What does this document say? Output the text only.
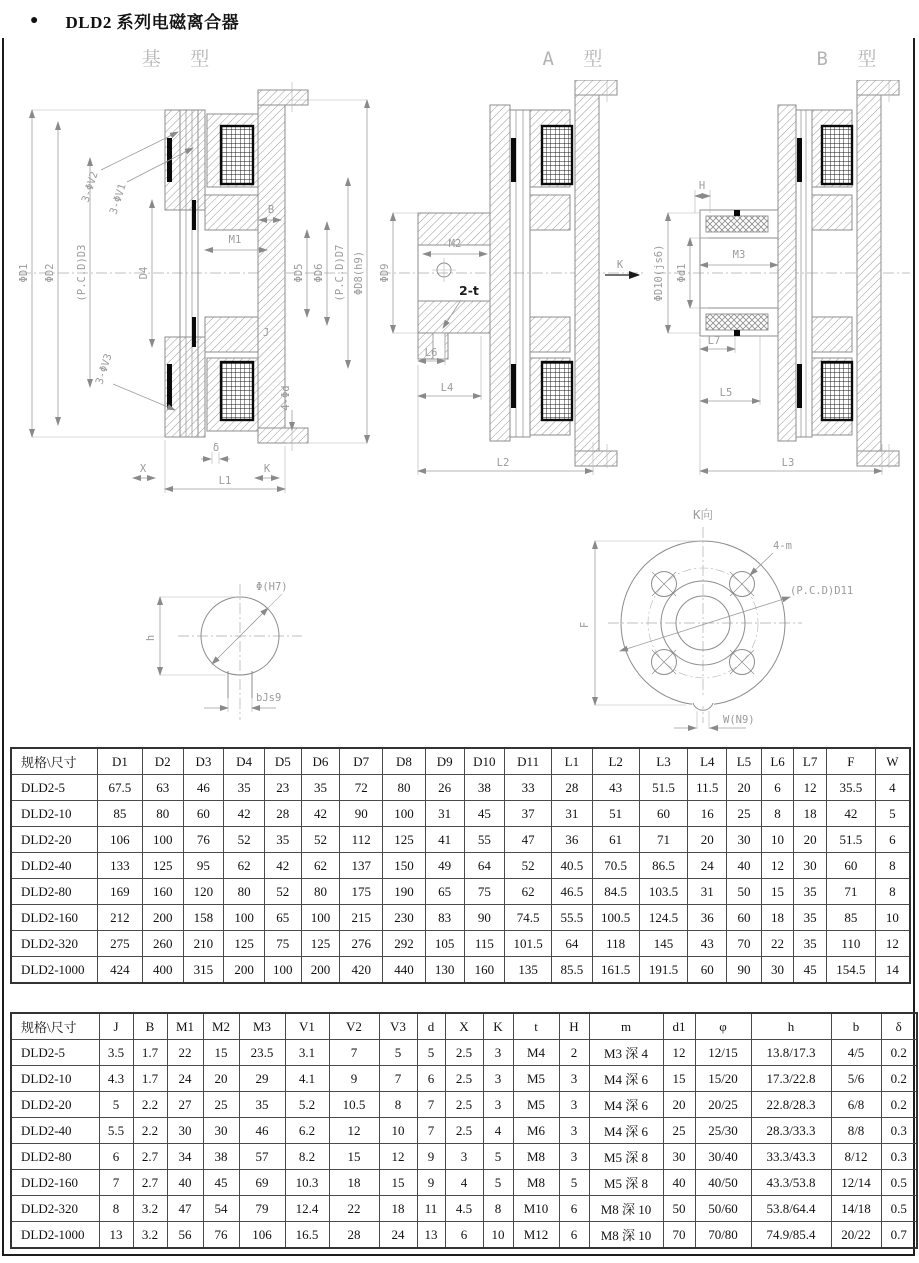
● DLD2 系列电磁离合器
基 型	A 型	B 型
ΦD1 ΦD2 (P.C.D)D3	D4	ΦD5 ΦD6 (P.C.D)D7 ΦD8(h9)
3-ΦV2 3-ΦV1
3-ΦV3
B
M1
J
4-Φd
δ
X	K
L1
ΦD9
M2
2-t
L6
L4
L2
K
H
ΦD10(js6) Φd1
M3
L7
L5
L3
h
Φ(H7)
bJs9
K向
F
4-m
(P.C.D)D11
W(N9)
规格\尺寸	D1	D2	D3	D4	D5	D6	D7	D8	D9	D10	D11	L1	L2	L3	L4	L5	L6	L7	F	W
DLD2-5	67.5	63	46	35	23	35	72	80	26	38	33	28	43	51.5	11.5	20	6	12	35.5	4
DLD2-10	85	80	60	42	28	42	90	100	31	45	37	31	51	60	16	25	8	18	42	5
DLD2-20	106	100	76	52	35	52	112	125	41	55	47	36	61	71	20	30	10	20	51.5	6
DLD2-40	133	125	95	62	42	62	137	150	49	64	52	40.5	70.5	86.5	24	40	12	30	60	8
DLD2-80	169	160	120	80	52	80	175	190	65	75	62	46.5	84.5	103.5	31	50	15	35	71	8
DLD2-160	212	200	158	100	65	100	215	230	83	90	74.5	55.5	100.5	124.5	36	60	18	35	85	10
DLD2-320	275	260	210	125	75	125	276	292	105	115	101.5	64	118	145	43	70	22	35	110	12
DLD2-1000	424	400	315	200	100	200	420	440	130	160	135	85.5	161.5	191.5	60	90	30	45	154.5	14
规格\尺寸	J	B	M1	M2	M3	V1	V2	V3	d	X	K	t	H	m	d1	φ	h	b	δ
DLD2-5	3.5	1.7	22	15	23.5	3.1	7	5	5	2.5	3	M4	2	M3 深 4	12	12/15	13.8/17.3	4/5	0.2
DLD2-10	4.3	1.7	24	20	29	4.1	9	7	6	2.5	3	M5	3	M4 深 6	15	15/20	17.3/22.8	5/6	0.2
DLD2-20	5	2.2	27	25	35	5.2	10.5	8	7	2.5	3	M5	3	M4 深 6	20	20/25	22.8/28.3	6/8	0.2
DLD2-40	5.5	2.2	30	30	46	6.2	12	10	7	2.5	4	M6	3	M4 深 6	25	25/30	28.3/33.3	8/8	0.3
DLD2-80	6	2.7	34	38	57	8.2	15	12	9	3	5	M8	3	M5 深 8	30	30/40	33.3/43.3	8/12	0.3
DLD2-160	7	2.7	40	45	69	10.3	18	15	9	4	5	M8	5	M5 深 8	40	40/50	43.3/53.8	12/14	0.5
DLD2-320	8	3.2	47	54	79	12.4	22	18	11	4.5	8	M10	6	M8 深 10	50	50/60	53.8/64.4	14/18	0.5
DLD2-1000	13	3.2	56	76	106	16.5	28	24	13	6	10	M12	6	M8 深 10	70	70/80	74.9/85.4	20/22	0.7
